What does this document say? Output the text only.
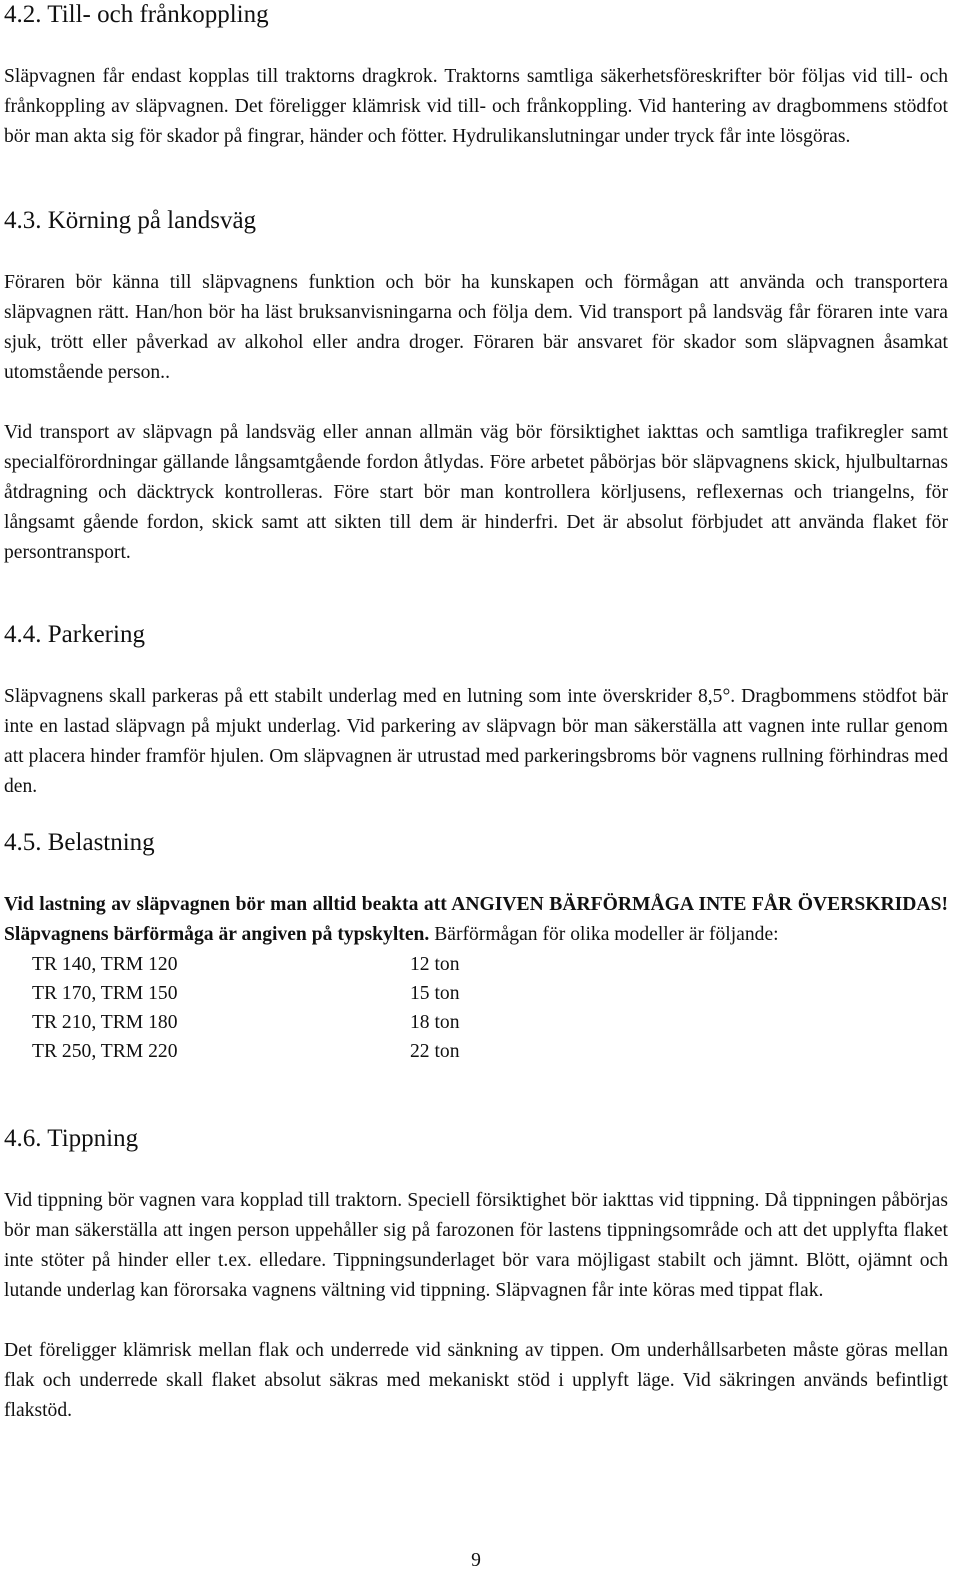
4.2. Till- och frånkoppling

Släpvagnen får endast kopplas till traktorns dragkrok. Traktorns samtliga säkerhetsföreskrifter bör följas vid till- och frånkoppling av släpvagnen. Det föreligger klämrisk vid till- och frånkoppling. Vid hantering av dragbommens stödfot bör man akta sig för skador på fingrar, händer och fötter. Hydrulikanslutningar under tryck får inte lösgöras.

4.3. Körning på landsväg

Föraren bör känna till släpvagnens funktion och bör ha kunskapen och förmågan att använda och transportera släpvagnen rätt. Han/hon bör ha läst bruksanvisningarna och följa dem. Vid transport på landsväg får föraren inte vara sjuk, trött eller påverkad av alkohol eller andra droger. Föraren bär ansvaret för skador som släpvagnen åsamkat utomstående person..

Vid transport av släpvagn på landsväg eller annan allmän väg bör försiktighet iakttas och samtliga trafikregler samt specialförordningar gällande långsamtgående fordon åtlydas. Före arbetet påbörjas bör släpvagnens skick, hjulbultarnas åtdragning och däcktryck kontrolleras. Före start bör man kontrollera körljusens, reflexernas och triangelns, för långsamt gående fordon, skick samt att sikten till dem är hinderfri. Det är absolut förbjudet att använda flaket för persontransport.

4.4. Parkering

Släpvagnens skall parkeras på ett stabilt underlag med en lutning som inte överskrider 8,5°. Dragbommens stödfot bär inte en lastad släpvagn på mjukt underlag. Vid parkering av släpvagn bör man säkerställa att vagnen inte rullar genom att placera hinder framför hjulen. Om släpvagnen är utrustad med parkeringsbroms bör vagnens rullning förhindras med den.

4.5. Belastning

Vid lastning av släpvagnen bör man alltid beakta att ANGIVEN BÄRFÖRMÅGA INTE FÅR ÖVERSKRIDAS! Släpvagnens bärförmåga är angiven på typskylten. Bärförmågan för olika modeller är följande:

TR 140, TRM 120	12 ton
TR 170, TRM 150	15 ton
TR 210, TRM 180	18 ton
TR 250, TRM 220	22 ton
4.6. Tippning

Vid tippning bör vagnen vara kopplad till traktorn. Speciell försiktighet bör iakttas vid tippning. Då tippningen påbörjas bör man säkerställa att ingen person uppehåller sig på farozonen för lastens tippningsområde och att det upplyfta flaket inte stöter på hinder eller t.ex. elledare. Tippningsunderlaget bör vara möjligast stabilt och jämnt. Blött, ojämnt och lutande underlag kan förorsaka vagnens vältning vid tippning. Släpvagnen får inte köras med tippat flak.

Det föreligger klämrisk mellan flak och underrede vid sänkning av tippen. Om underhållsarbeten måste göras mellan flak och underrede skall flaket absolut säkras med mekaniskt stöd i upplyft läge. Vid säkringen används befintligt flakstöd.

9
